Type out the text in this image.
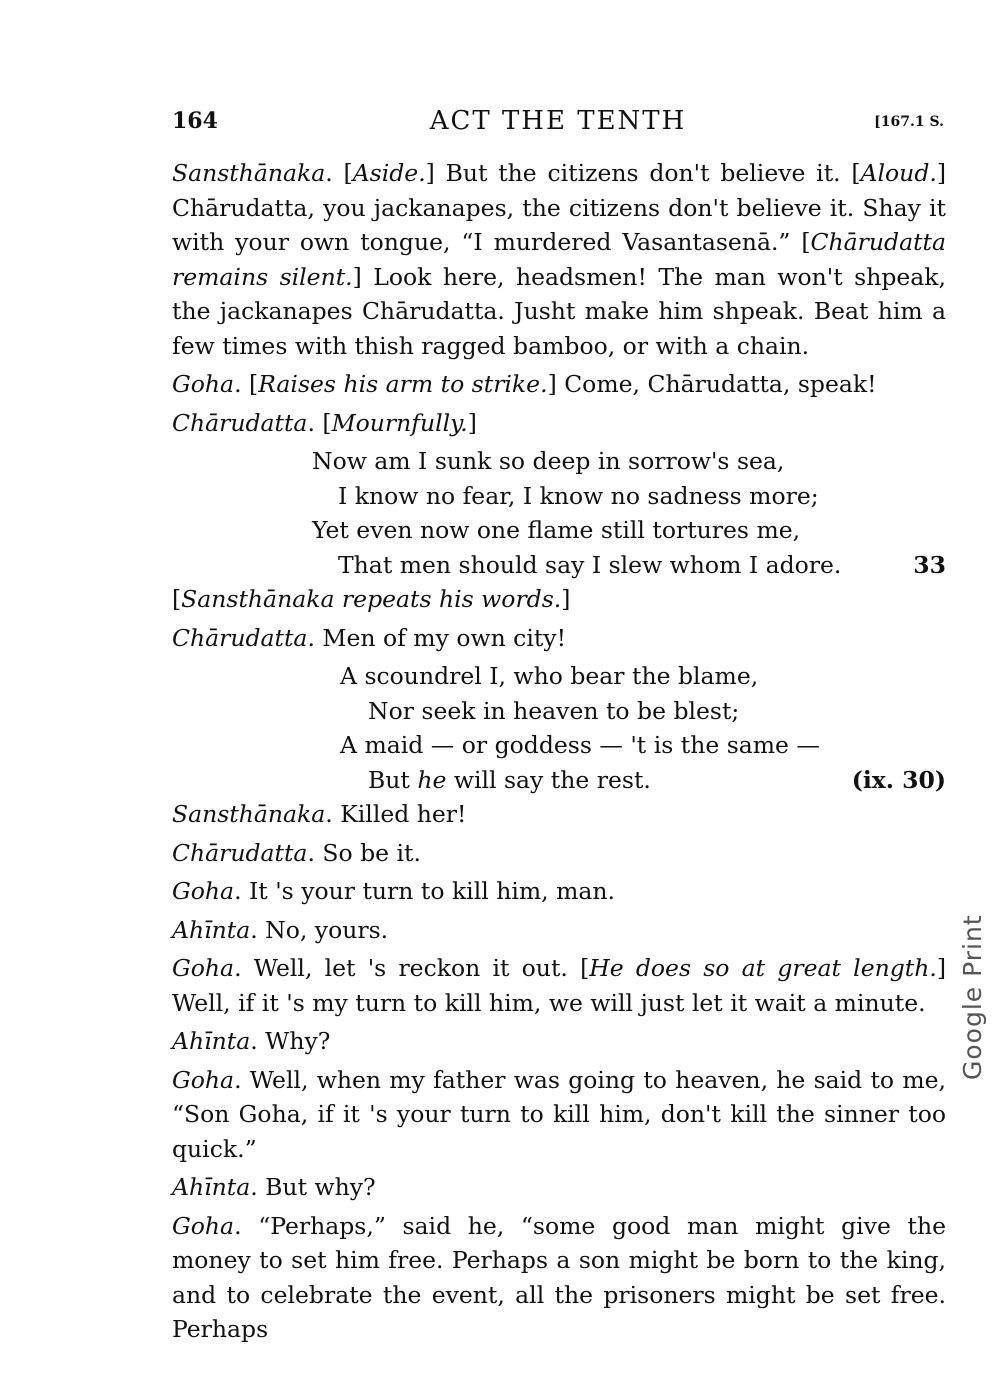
164	ACT THE TENTH	[167.1 S.

Sansthānaka. [Aside.] But the citizens don't believe it. [Aloud.] Chārudatta, you jackanapes, the citizens don't believe it. Shay it with your own tongue, “I murdered Vasantasenā.” [Chārudatta remains silent.] Look here, headsmen! The man won't shpeak, the jackanapes Chārudatta. Jusht make him shpeak. Beat him a few times with thish ragged bamboo, or with a chain.

Goha. [Raises his arm to strike.] Come, Chārudatta, speak!

Chārudatta. [Mournfully.]

Now am I sunk so deep in sorrow's sea,
I know no fear, I know no sadness more;
Yet even now one flame still tortures me,
That men should say I slew whom I adore.	33

[Sansthānaka repeats his words.]

Chārudatta. Men of my own city!

A scoundrel I, who bear the blame,
Nor seek in heaven to be blest;
A maid — or goddess — 't is the same —
But he will say the rest.	(ix. 30)

Sansthānaka. Killed her!

Chārudatta. So be it.

Goha. It 's your turn to kill him, man.

Ahīnta. No, yours.

Goha. Well, let 's reckon it out. [He does so at great length.] Well, if it 's my turn to kill him, we will just let it wait a minute.

Ahīnta. Why?

Goha. Well, when my father was going to heaven, he said to me, “Son Goha, if it 's your turn to kill him, don't kill the sinner too quick.”

Ahīnta. But why?

Goha. “Perhaps,” said he, “some good man might give the money to set him free. Perhaps a son might be born to the king, and to celebrate the event, all the prisoners might be set free. Perhaps

Google Print
